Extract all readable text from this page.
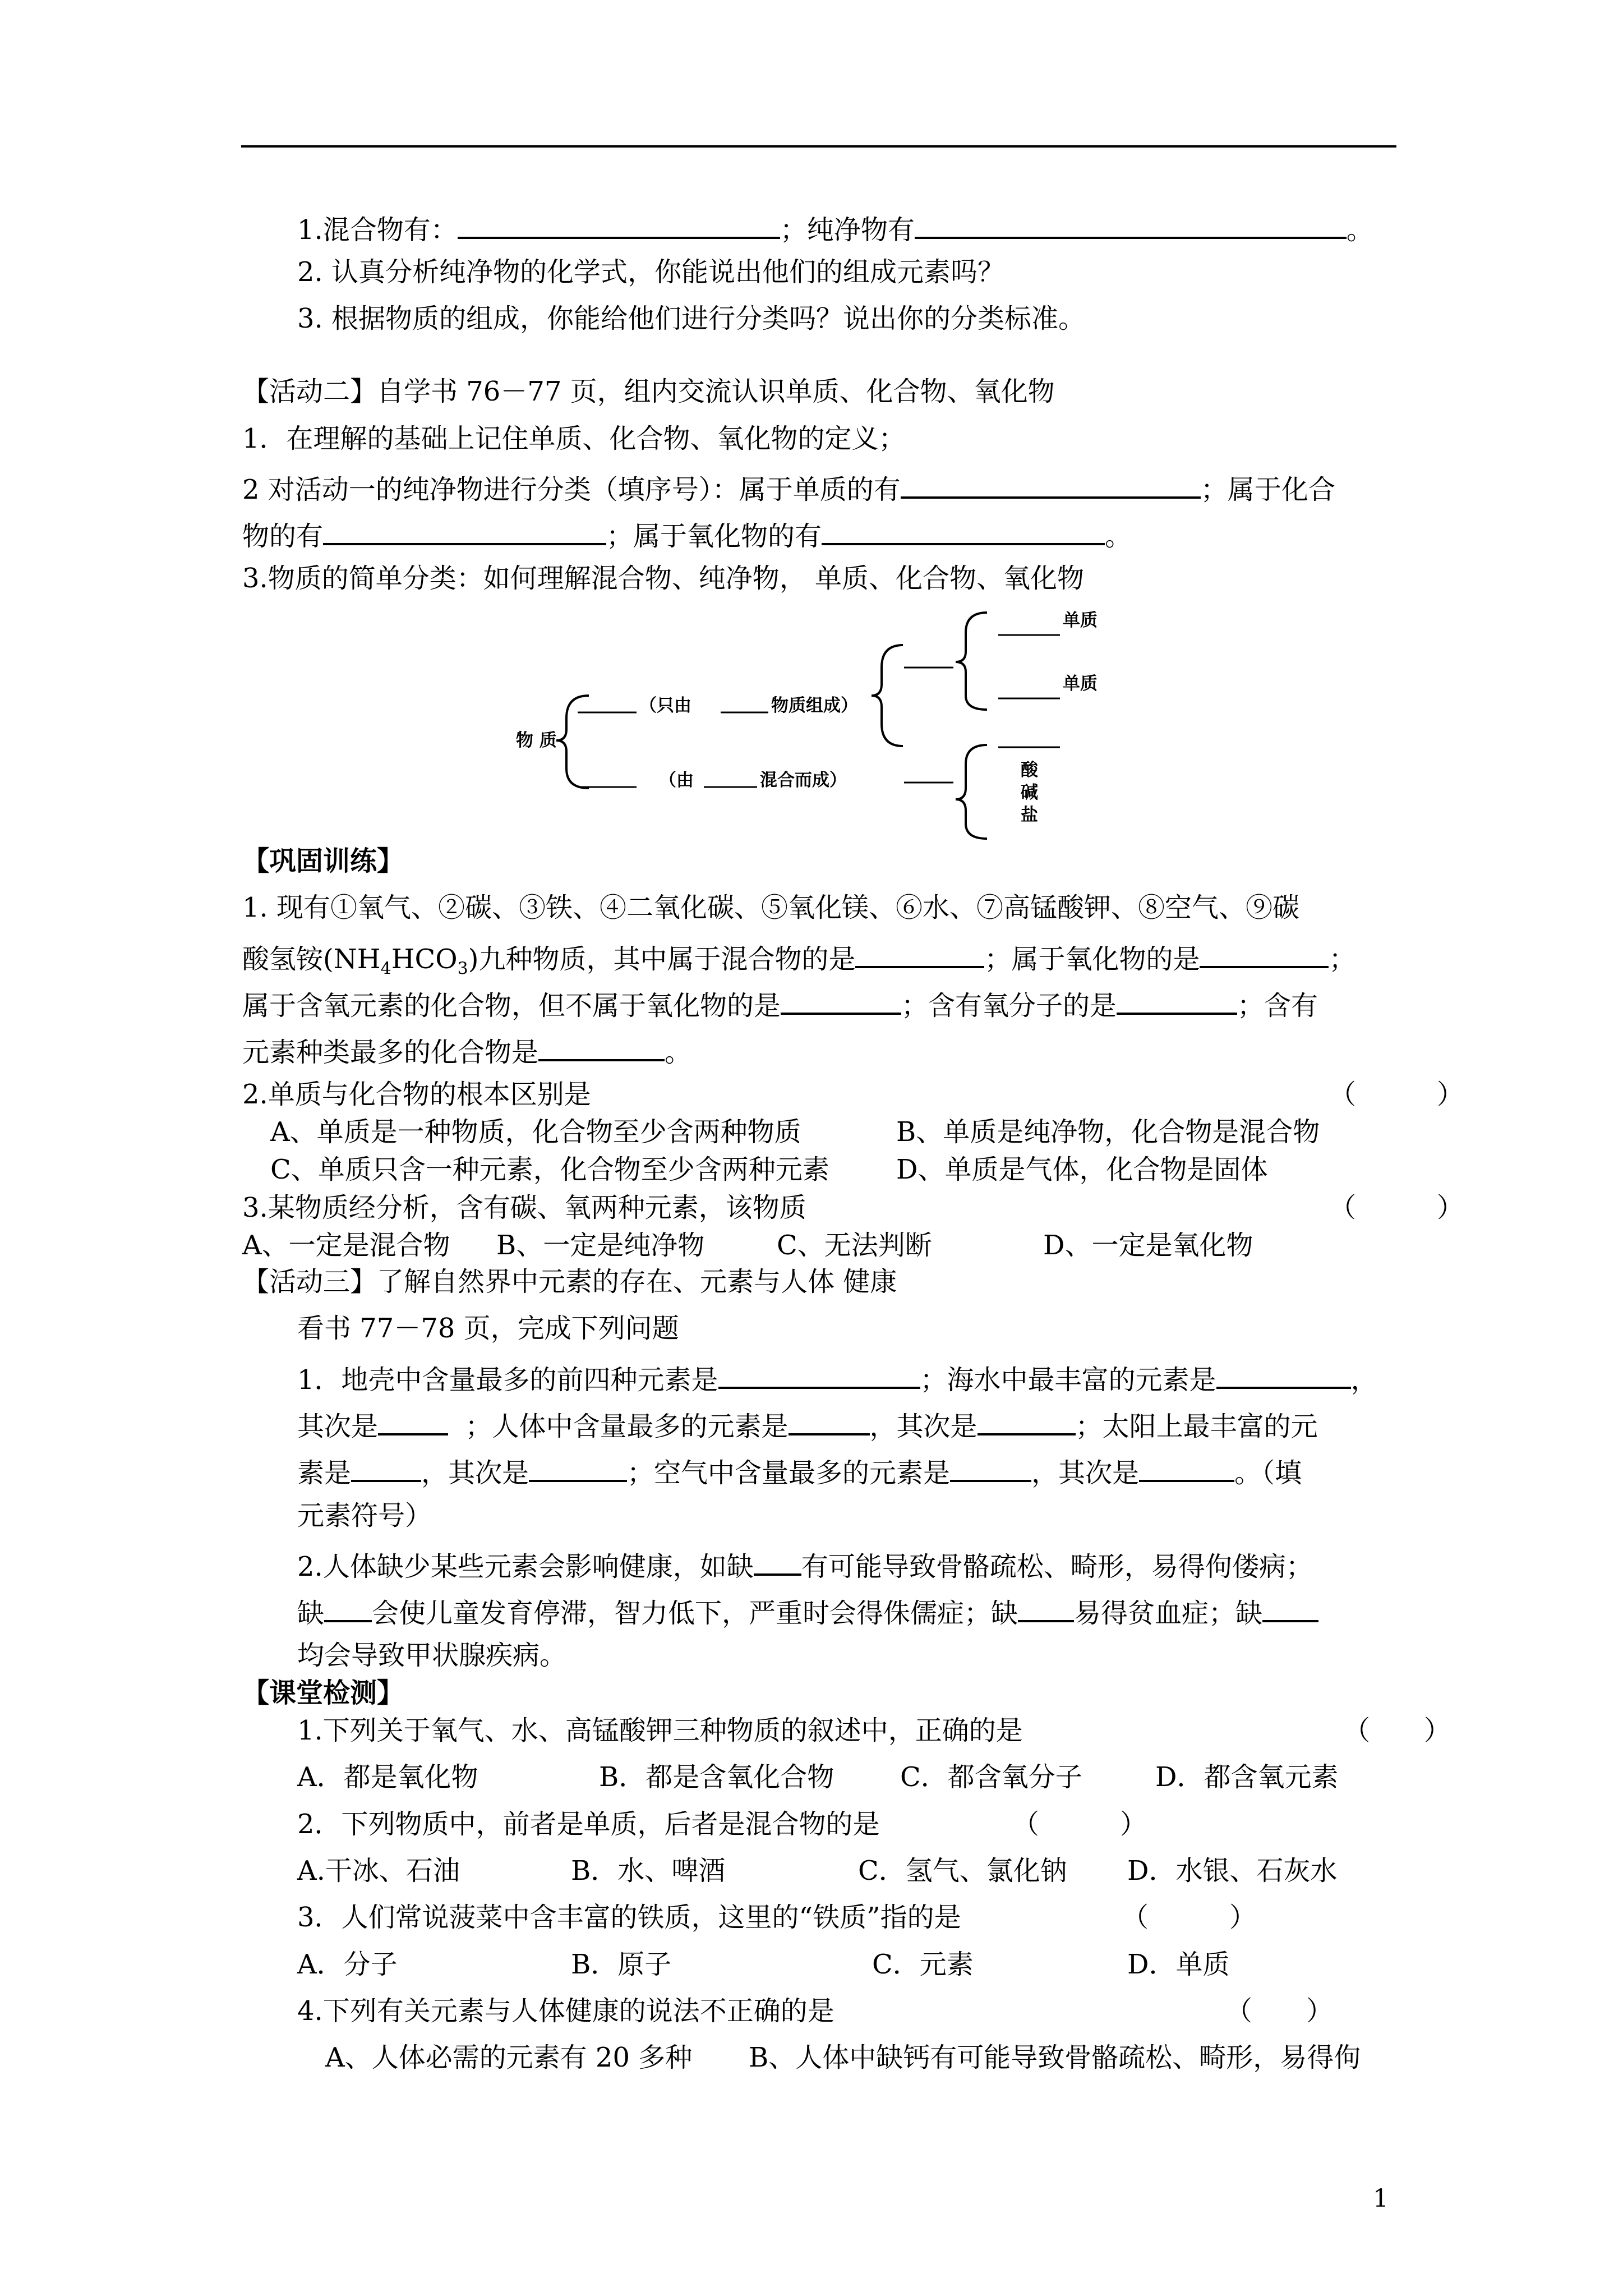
1.混合物有：	；纯净物有	。
2. 认真分析纯净物的化学式，你能说出他们的组成元素吗？
3. 根据物质的组成，你能给他们进行分类吗？说出你的分类标准。
【活动二】自学书 76－77 页，组内交流认识单质、化合物、氧化物
1．在理解的基础上记住单质、化合物、氧化物的定义；
2 对活动一的纯净物进行分类（填序号）：属于单质的有	；属于化合
物的有	；属于氧化物的有	。
3.物质的简单分类：如何理解混合物、纯净物， 单质、化合物、氧化物
物 质
（只由	物质组成）
（由	混合而成）
单质
单质
酸
碱
盐
【巩固训练】
1. 现有①氧气、②碳、③铁、④二氧化碳、⑤氧化镁、⑥水、⑦高锰酸钾、⑧空气、⑨碳
酸氢铵$(NH_4HCO_3)$九种物质，其中属于混合物的是	；属于氧化物的是	；
属于含氧元素的化合物，但不属于氧化物的是	；含有氧分子的是	；含有
元素种类最多的化合物是	。
2.单质与化合物的根本区别是	（　　　）
A、单质是一种物质，化合物至少含两种物质	B、单质是纯净物，化合物是混合物
C、单质只含一种元素，化合物至少含两种元素 D、单质是气体，化合物是固体
3.某物质经分析，含有碳、氧两种元素，该物质	（　　　）
A、一定是混合物 B、一定是纯净物	C、无法判断	D、一定是氧化物
【活动三】了解自然界中元素的存在、元素与人体 健康
看书 77－78 页，完成下列问题
1．地壳中含量最多的前四种元素是	；海水中最丰富的元素是	，
其次是	；人体中含量最多的元素是	，其次是	；太阳上最丰富的元
素是	，其次是	；空气中含量最多的元素是	，其次是	。（填
元素符号）
2.人体缺少某些元素会影响健康，如缺 有可能导致骨骼疏松、畸形，易得佝偻病；
缺 会使儿童发育停滞，智力低下，严重时会得侏儒症；缺 易得贫血症；缺
均会导致甲状腺疾病。
【课堂检测】
1.下列关于氧气、水、高锰酸钾三种物质的叙述中，正确的是	（　　）
A．都是氧化物	B．都是含氧化合物 C．都含氧分子	D．都含氧元素
2．下列物质中，前者是单质，后者是混合物的是	（　　　）
A.干冰、石油	B．水、啤酒	C．氢气、氯化钠 D．水银、石灰水
3．人们常说菠菜中含丰富的铁质，这里的“铁质”指的是	（　　　）
A．分子	B．原子	C．元素	D．单质
4.下列有关元素与人体健康的说法不正确的是	（　　）
A、人体必需的元素有 20 多种 B、人体中缺钙有可能导致骨骼疏松、畸形，易得佝
1
